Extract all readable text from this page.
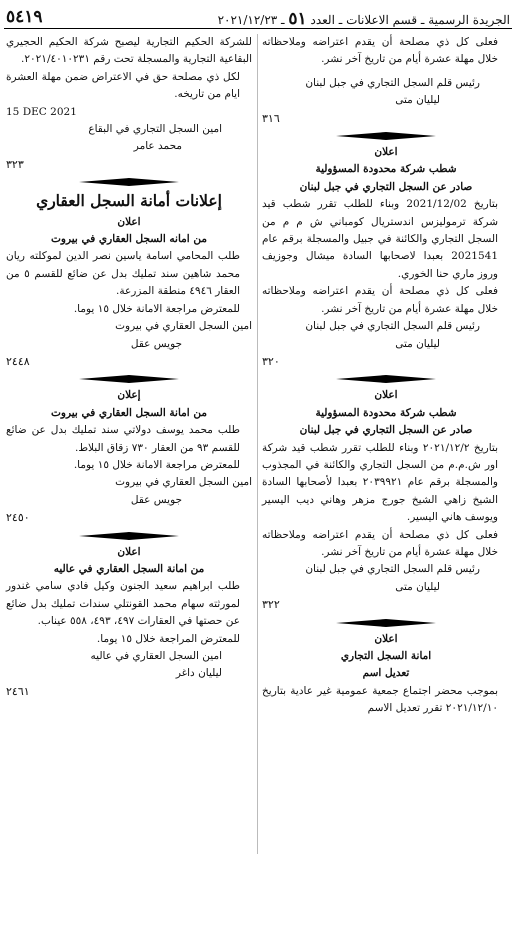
٥٤١٩	الجريدة الرسمية ـ قسم الاعلانات ـ العدد ٥١ ـ ٢٠٢١/١٢/٢٣

فعلى كل ذي مصلحة أن يقدم اعتراضه وملاحظاته خلال مهلة عشرة أيام من تاريخ آخر نشر.

رئيس قلم السجل التجاري في جبل لبنان

ليليان متى

٣١٦

اعلان

شطب شركة محدودة المسؤولية

صادر عن السجل التجاري في جبل لبنان

بتاريخ 2021/12/02 وبناء للطلب تقرر شطب قيد شركة ترموليزس اندستريال كومباني ش م م من السجل التجاري والكائنة في جبيل والمسجلة برقم عام 2021541 بعبدا لاصحابها السادة ميشال وجوزيف وروز ماري حنا الخوري.

فعلى كل ذي مصلحة أن يقدم اعتراضه وملاحظاته خلال مهلة عشرة أيام من تاريخ آخر نشر.

رئيس قلم السجل التجاري في جبل لبنان

ليليان متى

٣٢٠

اعلان

شطب شركة محدودة المسؤولية

صادر عن السجل التجاري في جبل لبنان

بتاريخ ٢٠٢١/١٢/٢ وبناء للطلب تقرر شطب قيد شركة اور ش.م.م من السجل التجاري والكائنة في المجذوب والمسجلة برقم عام ٢٠٣٩٩٢١ بعبدا لأصحابها السادة الشيخ زاهي الشيخ جورج مزهر وهاني ديب اليسير ويوسف هاني اليسير.

فعلى كل ذي مصلحة أن يقدم اعتراضه وملاحظاته خلال مهلة عشرة أيام من تاريخ آخر نشر.

رئيس قلم السجل التجاري في جبل لبنان

ليليان متى

٣٢٢

اعلان

امانة السجل التجاري

تعديل اسم

بموجب محضر اجتماع جمعية عمومية غير عادية بتاريخ ٢٠٢١/١٢/١٠ تقرر تعديل الاسم

للشركة الحكيم التجارية ليصبح شركة الحكيم الحجيري البقاعية التجارية والمسجلة تحت رقم ٢٠٢١/٤٠١٠٢٣١.

لكل ذي مصلحة حق في الاعتراض ضمن مهلة العشرة ايام من تاريخه.

15 DEC 2021

امين السجل التجاري في البقاع

محمد عامر

٣٢٣

إعلانات أمانة السجل العقاري

اعلان

من امانه السجل العقاري في بيروت

طلب المحامي اسامة ياسين نصر الدين لموكلته ريان محمد شاهين سند تمليك بدل عن ضائع للقسم ٥ من العقار ٤٩٤٦ منطقة المزرعة.

للمعترض مراجعة الامانة خلال ١٥ يوما.

امين السجل العقاري في بيروت

جويس عقل

٢٤٤٨

إعلان

من امانة السجل العقاري في بيروت

طلب محمد يوسف دولاتي سند تمليك بدل عن ضائع للقسم ٩٣ من العقار ٧٣٠ زقاق البلاط.

للمعترض مراجعة الامانة خلال ١٥ يوما.

امين السجل العقاري في بيروت

جويس عقل

٢٤٥٠

اعلان

من امانة السجل العقاري في عاليه

طلب ابراهيم سعيد الجنون وكيل فادي سامي غندور لمورثته سهام محمد القونتلي سندات تمليك بدل ضائع عن حصتها في العقارات ٤٩٧، ٤٩٣، ٥٥٨ عيناب.

للمعترض المراجعة خلال ١٥ يوما.

امين السجل العقاري في عاليه

ليليان داغر

٢٤٦١
